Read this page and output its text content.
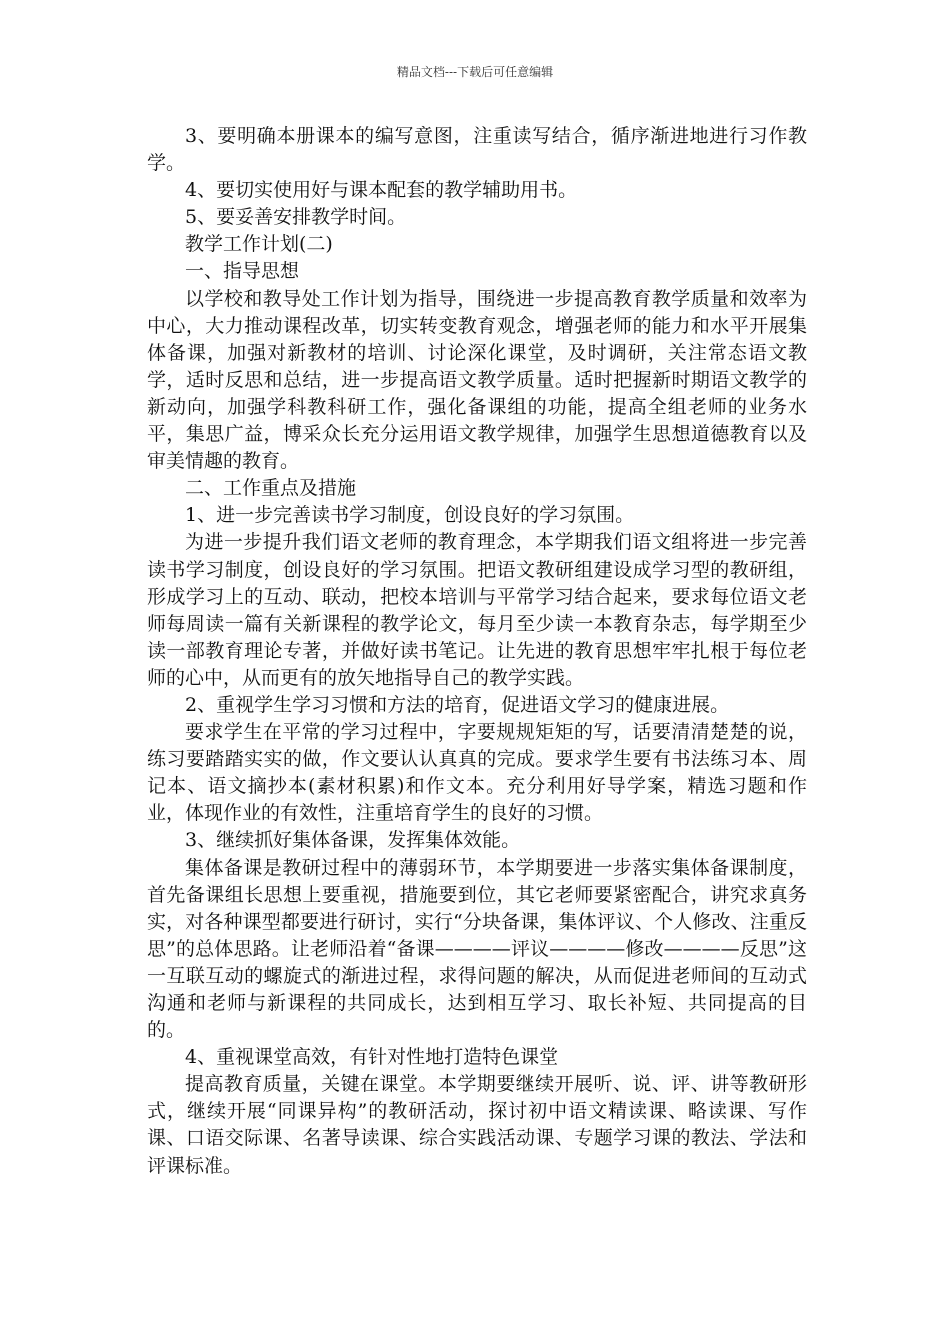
精品文档---下载后可任意编辑

3、要明确本册课本的编写意图，注重读写结合，循序渐进地进行习作教学。

4、要切实使用好与课本配套的教学辅助用书。

5、要妥善安排教学时间。

教学工作计划(二)

一、指导思想

以学校和教导处工作计划为指导，围绕进一步提高教育教学质量和效率为中心，大力推动课程改革，切实转变教育观念，增强老师的能力和水平开展集体备课，加强对新教材的培训、讨论深化课堂，及时调研，关注常态语文教学，适时反思和总结，进一步提高语文教学质量。适时把握新时期语文教学的新动向，加强学科教科研工作，强化备课组的功能，提高全组老师的业务水平，集思广益，博采众长充分运用语文教学规律，加强学生思想道德教育以及审美情趣的教育。

二、工作重点及措施

1、进一步完善读书学习制度，创设良好的学习氛围。

为进一步提升我们语文老师的教育理念，本学期我们语文组将进一步完善读书学习制度，创设良好的学习氛围。把语文教研组建设成学习型的教研组，形成学习上的互动、联动，把校本培训与平常学习结合起来，要求每位语文老师每周读一篇有关新课程的教学论文，每月至少读一本教育杂志，每学期至少读一部教育理论专著，并做好读书笔记。让先进的教育思想牢牢扎根于每位老师的心中，从而更有的放矢地指导自己的教学实践。

2、重视学生学习习惯和方法的培育，促进语文学习的健康进展。

要求学生在平常的学习过程中，字要规规矩矩的写，话要清清楚楚的说，练习要踏踏实实的做，作文要认认真真的完成。要求学生要有书法练习本、周记本、语文摘抄本(素材积累)和作文本。充分利用好导学案，精选习题和作业，体现作业的有效性，注重培育学生的良好的习惯。

3、继续抓好集体备课，发挥集体效能。

集体备课是教研过程中的薄弱环节，本学期要进一步落实集体备课制度，首先备课组长思想上要重视，措施要到位，其它老师要紧密配合，讲究求真务实，对各种课型都要进行研讨，实行“分块备课，集体评议、个人修改、注重反思”的总体思路。让老师沿着“备课————评议————修改————反思”这一互联互动的螺旋式的渐进过程，求得问题的解决，从而促进老师间的互动式沟通和老师与新课程的共同成长，达到相互学习、取长补短、共同提高的目的。

4、重视课堂高效，有针对性地打造特色课堂

提高教育质量，关键在课堂。本学期要继续开展听、说、评、讲等教研形式，继续开展“同课异构”的教研活动，探讨初中语文精读课、略读课、写作课、口语交际课、名著导读课、综合实践活动课、专题学习课的教法、学法和评课标准。
